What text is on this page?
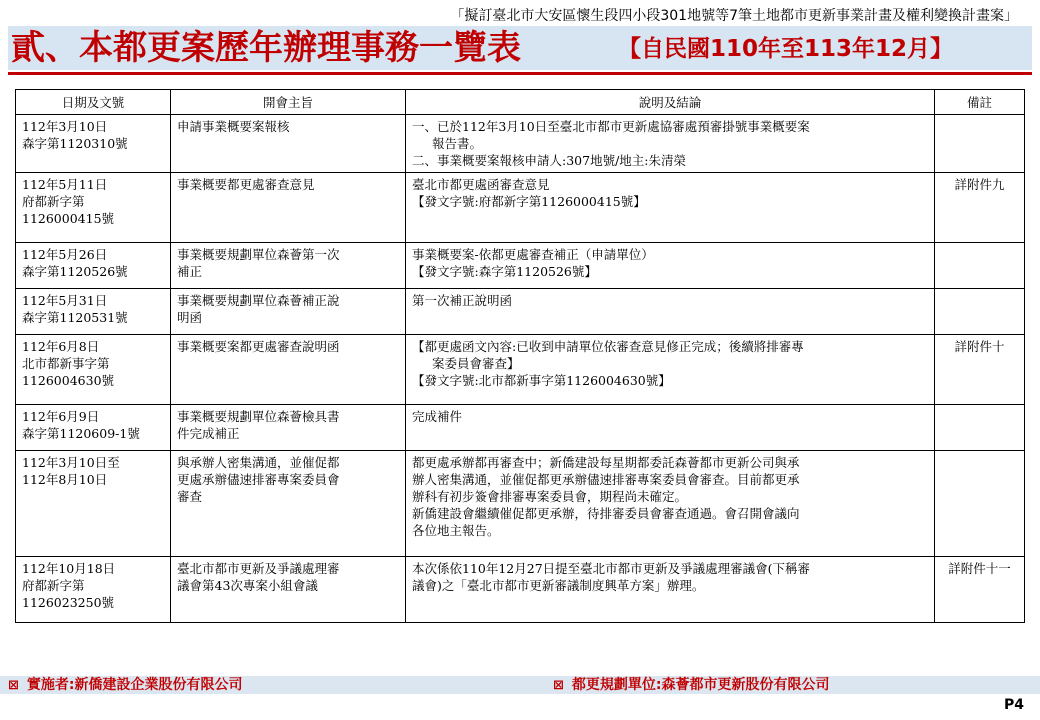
「擬訂臺北市大安區懷生段四小段301地號等7筆土地都市更新事業計畫及權利變換計畫案」
貳、本都更案歷年辦理事務一覽表	【自民國110年至113年12月】
日期及文號	開會主旨	說明及結論	備註

112年3月10日
森字第1120310號	申請事業概要案報核	一、已於112年3月10日至臺北市都市更新處協審處預審掛號事業概要案
報告書。
二、事業概要案報核申請人:307地號/地主:朱清榮	

112年5月11日
府都新字第
1126000415號	事業概要都更處審查意見	臺北市都更處函審查意見
【發文字號:府都新字第1126000415號】	詳附件九

112年5月26日
森字第1120526號	事業概要規劃單位森薈第一次
補正	事業概要案-依都更處審查補正（申請單位）
【發文字號:森字第1120526號】	

112年5月31日
森字第1120531號	事業概要規劃單位森薈補正說
明函	第一次補正說明函	

112年6月8日
北市都新事字第
1126004630號	事業概要案都更處審查說明函	【都更處函文內容:已收到申請單位依審查意見修正完成；後續將排審專
案委員會審查】
【發文字號:北市都新事字第1126004630號】	詳附件十

112年6月9日
森字第1120609-1號	事業概要規劃單位森薈檢具書
件完成補正	完成補件	

112年3月10日至
112年8月10日	與承辦人密集溝通，並催促都
更處承辦儘速排審專案委員會
審查	都更處承辦都再審查中；新僑建設每星期都委託森薈都市更新公司與承
辦人密集溝通，並催促都更承辦儘速排審專案委員會審查。目前都更承
辦科有初步簽會排審專案委員會，期程尚未確定。
新僑建設會繼續催促都更承辦，待排審委員會審查通過。會召開會議向
各位地主報告。	

112年10月18日
府都新字第
1126023250號	臺北市都市更新及爭議處理審
議會第43次專案小組會議	本次係依110年12月27日提至臺北市都市更新及爭議處理審議會(下稱審
議會)之「臺北市都市更新審議制度興革方案」辦理。	詳附件十一
⊠ 實施者:新僑建設企業股份有限公司	⊠ 都更規劃單位:森薈都市更新股份有限公司
P4
